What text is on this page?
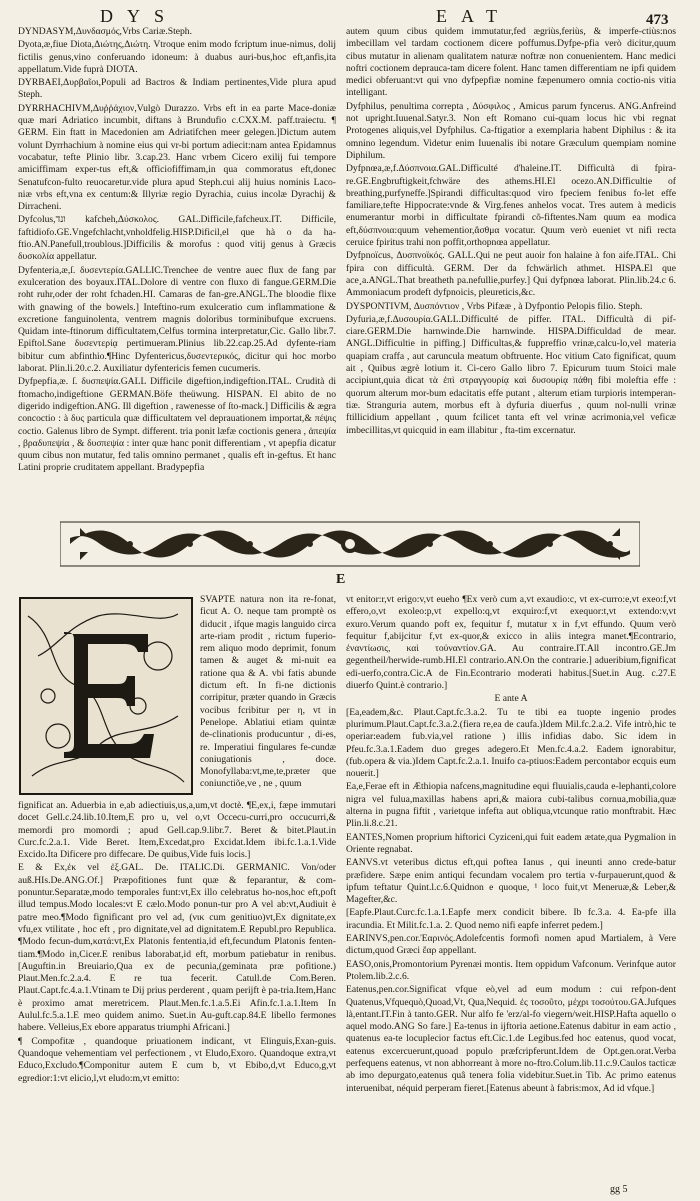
DYS	EAT	473

DYNDASYM,Δυνδασμός,Vrbs Cariæ.Steph.

Dyota,æ,fiue Diota,Διώτης,Διώτη. Vtroque enim modo fcriptum inue-nimus, dolij fictilis genus,vino conferuando idoneum: à duabus auri-bus,hoc eft,anfis,ita appellatum.Vide fuprà DIOTA.

DYRBAEI,Δυρβαῖοι,Populi ad Bactros & Indiam pertinentes,Vide plura apud Steph.

DYRRHACHIVM,Δυῤῥάχιον,Vulgò Durazzo. Vrbs eft in ea parte Mace-doniæ quæ mari Adriatico incumbit, diftans à Brundufio c.CXX.M. paff.traiectu. ¶ GERM. Ein ftatt in Macedonien am Adriatifchen meer gelegen.]Dictum autem volunt Dyrrhachium à nomine eius qui vr-bi portum adiecit:nam antea Epidamnus vocabatur, tefte Plinio libr. 3.cap.23. Hanc vrbem Cicero exilij fui tempore amiciffimam exper-tus eft,& officiofiffimam,in qua commoratus eft,donec Senatufcon-fulto reuocaretur.vide plura apud Steph.cui alij huius nominis Laco-niæ vrbs eft,vna ex centum:& Illyriæ regio Dyrachia, cuius incolæ Dyrachij & Dirracheni.

Dyfcolus,ונד kafcheh,Δύσκολος. GAL.Difficile,fafcheux.IT. Difficile, faftidiofo.GE.Vngefchlacht,vnholdfelig.HISP.Dificil,el que hà o da ha-ftio.AN.Panefull,troublous.]Difficilis & morofus : quod vitij genus à Græcis δυσκολία appellatur.

Dyfenteria,æ,ſ. δυσεντερία.GALLIC.Trenchee de ventre auec flux de fang par exulceration des boyaux.ITAL.Dolore di ventre con fluxo di fangue.GERM.Die roht ruhr,oder der roht fchaden.HI. Camaras de fan-gre.ANGL.The bloodie flixe with gnawing of the bowels.] Inteftino-rum exulceratio cum inflammatione & excretione fanguinolenta, ventrem magnis doloribus torminibufque excruens. Quidam inte-ftinorum difficultatem,Celfus tormina interpretatur,Cic. Gallo libr.7. Epiftol.Sane δυσεντερίᾳ pertimueram.Plinius lib.22.cap.25.Ad dyfente-riam bibitur cum abfinthio.¶Hinc Dyfentericus,δυσεντερικός, dicitur qui hoc morbo laborat. Plin.li.20.c.2. Auxiliatur dyfentericis femen cucumeris.

Dyfpepfia,æ. ſ. δυσπεψία.GALL Difficile digeftion,indigeftion.ITAL. Crudità di ftomacho,indigeftione GERMAN.Böfe theüwung. HISPAN. El abito de no digerido indigeftion.ANG. Ill digeftion , rawenesse of ſto-mack.] Difficilis & ægra concoctio : à δυς particula quæ difficultatem vel deprauationem importat,& πέψις coctio. Galenus libro de Sympt. different. tria ponit læfæ coctionis genera , ἀπεψία , βραδυπεψία , & δυσπεψία : inter quæ hanc ponit differentiam , vt apepfia dicatur quum cibus non mutatur, fed talis omnino permanet , qualis eft in-geftus. Et hanc Latini proprie cruditatem appellant. Bradypepfia

autem quum cibus quidem immutatur,fed ægriùs,feriùs, & imperfe-ctiùs:nos imbecillam vel tardam coctionem dicere poffumus.Dyfpe-pfia verò dicitur,quum cibus mutatur in alienam qualitatem naturæ noftræ non conuenientem. Hanc medici noftri coctionem deprauca-tam dicere folent. Hanc tamen differentiam ne ipfi quidem medici obferuant:vt qui vno dyfpepfiæ nomine fæpenumero omnia coctio-nis vitia intelligant.

Dyfphilus, penultima correpta , Δύσφιλος , Amicus parum fyncerus. ANG.Anfreind not upright.Iuuenal.Satyr.3. Non eft Romano cui-quam locus hic vbi regnat Protogenes aliquis,vel Dyfphilus. Ca-ftigatior a exemplaria habent Diphilus : & ita omnino legendum. Videtur enim Iuuenalis ibi notare Græculum quempiam nomine Diphilum.

Dyfpnœa,æ,f.Δύσπνοια.GAL.Difficulté d'haleine.IT. Difficultà di fpira-re.GE.Engbruftigkeit,fchwäre des athems.HI.El ocezo.AN.Difficultie of breathing,purfyneffe.]Spirandi difficultas:quod viro fpeciem fenibus fo-let effe familiare,tefte Hippocrate:vnde & Virg.fenes anhelos vocat. Tres autem à medicis enumerantur morbi in difficultate fpirandi cõ-fiftentes.Nam quum ea modica eft,δύσπνοια:quum vehementior,ἄσθμα vocatur. Quum verò eueniet vt nifi recta ceruice fpiritus trahi non poffit,orthopnœa appellatur.

Dyfpnoïcus, Δυσπνοϊκός. GALL.Qui ne peut auoir fon halaine à fon aife.ITAL. Chi fpira con difficultà. GERM. Der da fchwärlich athmet. HISPA.El que ace¸a.ANGL.That breatheth pa.nefullie,purfey.] Qui dyfpnœa laborat. Plin.lib.24.c 6. Ammoniacum prodeft dyfpnoicis, pleureticis,&c.

DYSPONTIVM, Δυσπόντιον , Vrbs Pifææ , à Dyfpontio Pelopis filio. Steph.

Dyfuria,æ,f.Δυσουρία.GALL.Difficulté de piffer. ITAL. Difficultà di pif-ciare.GERM.Die harnwinde.Die harnwinde. HISPA.Difficuldad de mear. ANGL.Difficultie in piffing.] Difficultas,& fuppreffio vrinæ,calcu-lo,vel materia quapiam craffa , aut caruncula meatum obftruente. Hoc vitium Cato fignificat, quum ait , Quibus ægrè lotium it. Ci-cero Gallo libro 7. Epicurum tuum Stoici male accipiunt,quia dicat τὰ ἐπὶ στραγγουρίᾳ καὶ δυσουρίᾳ πάθη fibi moleftia effe : quorum alterum mor-bum edacitatis effe putant , alterum etiam turpioris intemperan-tiæ. Stranguria autem, morbus eft à dyfuria diuerfus , quum nol-nulli vrinæ ftillicidium appellant , quum fcilicet tanta eft vel vrinæ acrimonia,vel veficæ imbecillitas,vt quicquid in eam illabitur , fta-tim excernatur.

E
SVAPTE natura non ita re-fonat, ficut A. O. neque tam promptè os diducit , ifque magis languido circa arte-riam prodit , rictum fuperio-rem aliquo modo deprimit, fonum tamen & auget & mi-nuit ea ratione qua & A. vbi fatis abunde dictum eft. In fi-ne dictionis corripitur, præter quando in Græcis vocibus fcribitur per η, vt in Penelope. Ablatiui etiam quintæ de-clinationis producuntur , di-es, re. Imperatiui fingulares fe-cundæ coniugationis , doce. Monofyllaba:vt,me,te,præter que coniunctiõe,ve , ne , quum

fignificat an. Aduerbia in e,ab adiectiuis,us,a,um,vt doctè. ¶E,ex,i, fæpe immutari docet Gell.c.24.lib.10.Item,E pro u, vel o,vt Occecu-curri,pro occucurri,& memordi pro momordi ; apud Gell.cap.9.libr.7. Beret & bitet.Plaut.in Curc.fc.2.a.1. Vide Beret. Item,Excedat,pro Excidat.Idem ibi.fc.1.a.1.Vide Excido.Ita Dificere pro diffecare. De quibus,Vide fuis locis.]

E & Ex,ἐκ vel ἐξ.GAL. De. ITALIC.Di. GERMANIC. Von/oder auß.HIs.De.ANG.Of.] Præpofitiones funt quæ & feparantur, & com-ponuntur.Separatæ,modo temporales funt:vt,Ex illo celebratus ho-nos,hoc eft,poft illud tempus.Modo locales:vt E cælo.Modo ponun-tur pro A vel ab:vt,Audiuit è patre meo.¶Modo fignificant pro vel ad, (νικ cum genitiuo)vt,Ex dignitate,ex vfu,ex vtilitate , hoc eft , pro dignitate,vel ad dignitatem.E Republ.pro Republica. ¶Modo fecun-dum,κατά:vt,Ex Platonis fententia,id eft,fecundum Platonis fenten-tiam.¶Modo in,Cicer.E renibus laborabat,id eft, morbum patiebatur in renibus.[Auguftin.in Breuiario,Qua ex de pecunia,(geminata præ pofitione.) Plaut.Men.fc.2.a.4. E re tua fecerit. Catull.de Com.Beren. Plaut.Capt.fc.4.a.1.Vtinam te Dij prius perderent , quam perijft è pa-tria.Item,Hanc è proximo amat meretricem. Plaut.Men.fc.1.a.5.Ei Afin.fc.1.a.1.Item In Aulul.fc.5.a.1.E meo quidem animo. Suet.in Au-guft.cap.84.E libello fermones habere. Velleius,Ex ebore apparatus triumphi Africani.]

¶ Compofitæ , quandoque priuationem indicant, vt Elinguis,Exan-guis. Quandoque vehementiam vel perfectionem , vt Eludo,Exoro. Quandoque extra,vt Educo,Excludo.¶Componitur autem E cum b, vt Ebibo,d,vt Educo,g,vt egredior:1:vt elicio,l,vt eludo:m,vt emitto:

vt enitor:r,vt erigo:v,vt eueho ¶Ex verò cum a,vt exaudio:c, vt ex-curro:e,vt exeo:f,vt effero,o,vt exoleo:p,vt expello:q,vt exquiro:f,vt exequor:t,vt extendo:v,vt exuro.Verum quando poft ex, fequitur f, mutatur x in f,vt effundo. Quum verò fequitur f,abijcitur f,vt ex-quor,& exicco in aliis integra manet.¶Econtrario, ἐναντίωσις, καὶ τοὐναντίον.GA. Au contraire.IT.All incontro.GE.Jm gegentheil/herwide-rumb.HI.El contrario.AN.On the contrarie.] adueribium,fignificat edi-uerfo,contra.Cic.A de Fin.Econtrario moderati habitus.[Suet.in Aug. c.27.E diuerfo Quint.è contrario.]

E ante A

[Ea,eadem,&c. Plaut.Capt.fc.3.a.2. Tu te tibi ea tuopte ingenio prodes plurimum.Plaut.Capt.fc.3.a.2.(fiera re,ea de caufa.)Idem Mil.fc.2.a.2. Vife intrò,hic te operiar:eadem fub.via,vel ratione ) illis infidias dabo. Sic idem in Pfeu.fc.3.a.1.Eadem duo greges adegero.Et Men.fc.4.a.2. Eadem ignorabitur,(fub.opera & via.)Idem Capt.fc.2.a.1. Inuifo ca-ptiuos:Eadem percontabor ecquis eum nouerit.]

Ea,e,Ferae eft in Æthiopia nafcens,magnitudine equi fluuialis,cauda e-lephanti,colore nigra vel fulua,maxillas habens apri,& maiora cubi-talibus cornua,mobilia,quæ alterna in pugna fiftit , varietque infefta aut obliqua,vtcunque ratio monftrabit. Hæc Plin.li.8.c.21.

EANTES,Nomen proprium hiftorici Cyziceni,qui fuit eadem ætate,qua Pygmalion in Oriente regnabat.

EANVS.vt veteribus dictus eft,qui poftea Ianus , qui ineunti anno crede-batur præfidere. Sæpe enim antiqui fecundam vocalem pro tertia v-furpauerunt,quod & ipfum teftatur Quint.l.c.6.Quidnon e quoque, ¹ loco fuit,vt Meneruæ,& Leber,& Magefter,&c.

[Eapfe.Plaut.Curc.fc.1.a.1.Eapfe merx condicit bibere. Ib fc.3.a. 4. Ea-pfe illa iracundia. Et Milit.fc.1.a. 2. Quod nemo nifi eapfe inferret pedem.]

EARINVS,pen.cor.Ἐαρινός.Adolefcentis formofi nomen apud Martialem, à Vere dictum,quod Græci ἔαρ appellant.

EASO,onis,Promontorium Pyrenæi montis. Item oppidum Vafconum. Verinfque autor Ptolem.lib.2.c.6.

Eatenus,pen.cor.Significat vfque eò,vel ad eum modum : cui refpon-dent Quatenus,Vfquequò,Quoad,Vt, Qua,Nequid. ἐς τοσοῦτο, μέχρι τοσούτου.GA.Jufques là,entant.IT.Fin à tanto.GER. Nur alfo fe 'erz/al-fo viegern/weit.HISP.Hafta aquello o aquel modo.ANG So fare.] Ea-tenus in ijftoria aetione.Eatenus dabitur in eam actio , quatenus ea-te locuplecior factus eft.Cic.1.de Legibus.fed hoc eatenus, quod vocat, eatenus excercuerunt,quoad populo præfcripferunt.Idem de Opt.gen.orat.Verba perfequens eatenus, vt non abhorreant à more no-ftro.Colum.lib.11.c.9.Caulos tacticæ ab imo depurgato,eatenus quâ tenera folia videbitur.Suet.in Tib. Ac primo eatenus interuenibat, néquid perperam fieret.[Eatenus abeunt à fabris:mox, Ad id vfque.]

gg 5
